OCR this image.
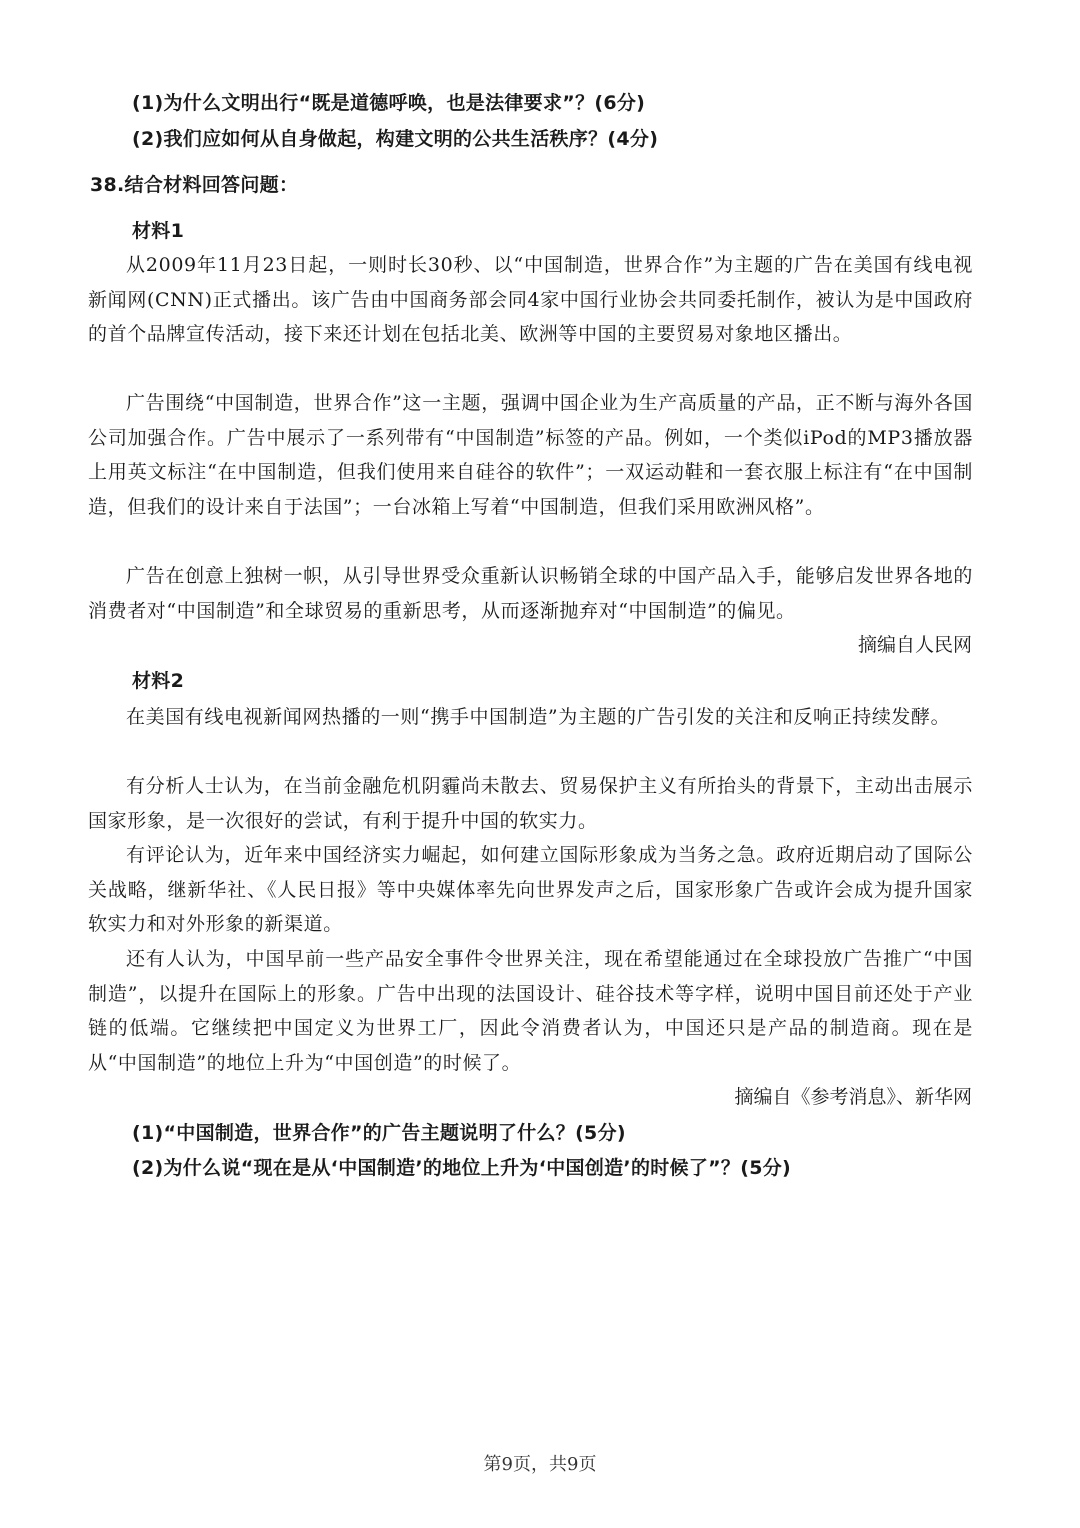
(1)为什么文明出行“既是道德呼唤，也是法律要求”？(6分)
(2)我们应如何从自身做起，构建文明的公共生活秩序？(4分)
38.结合材料回答问题：
材料1
从2009年11月23日起，一则时长30秒、以“中国制造，世界合作”为主题的广告在美国有线电视新闻网(CNN)正式播出。该广告由中国商务部会同4家中国行业协会共同委托制作，被认为是中国政府的首个品牌宣传活动，接下来还计划在包括北美、欧洲等中国的主要贸易对象地区播出。
广告围绕“中国制造，世界合作”这一主题，强调中国企业为生产高质量的产品，正不断与海外各国公司加强合作。广告中展示了一系列带有“中国制造”标签的产品。例如，一个类似iPod的MP3播放器上用英文标注“在中国制造，但我们使用来自硅谷的软件”；一双运动鞋和一套衣服上标注有“在中国制造，但我们的设计来自于法国”；一台冰箱上写着“中国制造，但我们采用欧洲风格”。
广告在创意上独树一帜，从引导世界受众重新认识畅销全球的中国产品入手，能够启发世界各地的消费者对“中国制造”和全球贸易的重新思考，从而逐渐抛弃对“中国制造”的偏见。
摘编自人民网
材料2
在美国有线电视新闻网热播的一则“携手中国制造”为主题的广告引发的关注和反响正持续发酵。
有分析人士认为，在当前金融危机阴霾尚未散去、贸易保护主义有所抬头的背景下，主动出击展示国家形象，是一次很好的尝试，有利于提升中国的软实力。
有评论认为，近年来中国经济实力崛起，如何建立国际形象成为当务之急。政府近期启动了国际公关战略，继新华社、《人民日报》等中央媒体率先向世界发声之后，国家形象广告或许会成为提升国家软实力和对外形象的新渠道。
还有人认为，中国早前一些产品安全事件令世界关注，现在希望能通过在全球投放广告推广“中国制造”，以提升在国际上的形象。广告中出现的法国设计、硅谷技术等字样，说明中国目前还处于产业链的低端。它继续把中国定义为世界工厂，因此令消费者认为，中国还只是产品的制造商。现在是从“中国制造”的地位上升为“中国创造”的时候了。
摘编自《参考消息》、新华网
(1)“中国制造，世界合作”的广告主题说明了什么？(5分)
(2)为什么说“现在是从‘中国制造’的地位上升为‘中国创造’的时候了”？(5分)
第9页，共9页
